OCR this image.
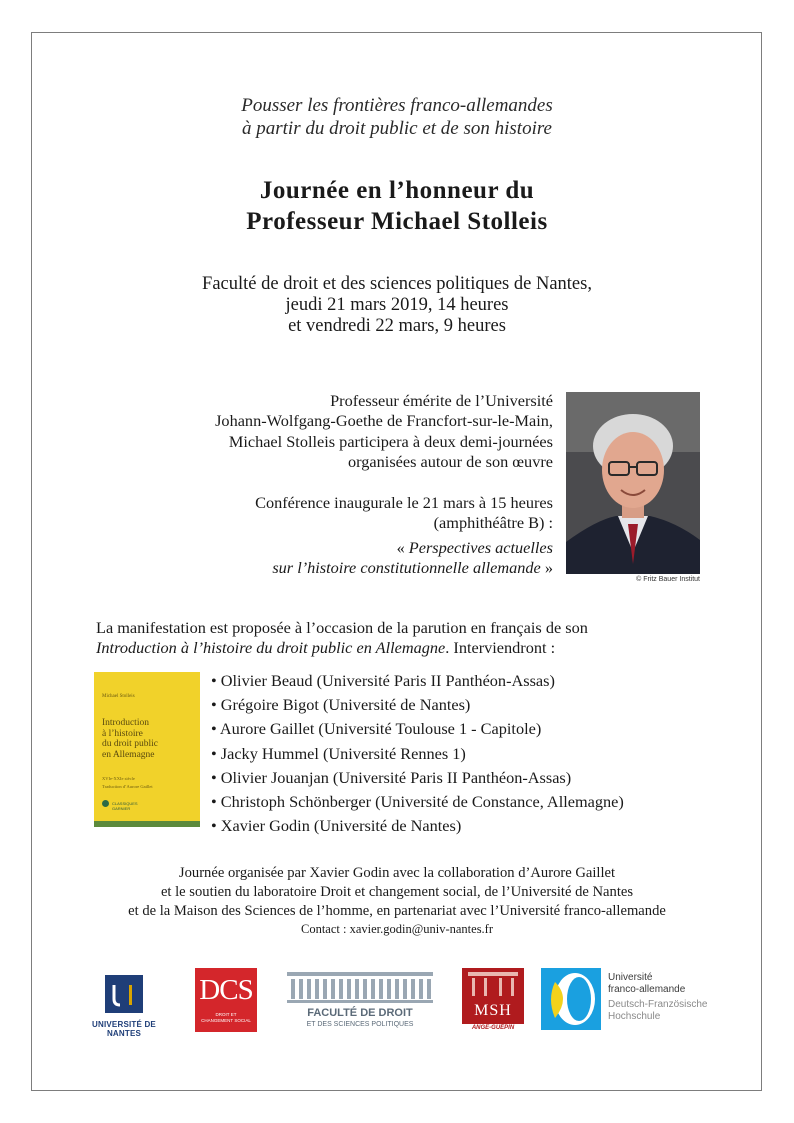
Pousser les frontières franco-allemandes
à partir du droit public et de son histoire
Journée en l’honneur du
Professeur Michael Stolleis
Faculté de droit et des sciences politiques de Nantes,
jeudi 21 mars 2019, 14 heures
et vendredi 22 mars, 9 heures
Professeur émérite de l’Université
Johann-Wolfgang-Goethe de Francfort-sur-le-Main,
Michael Stolleis participera à deux demi-journées
organisées autour de son œuvre
Conférence inaugurale le 21 mars à 15 heures
(amphithéâtre B) :
« Perspectives actuelles
sur l’histoire constitutionnelle allemande »
© Fritz Bauer Institut
La manifestation est proposée à l’occasion de la parution en français de son
Introduction à l’histoire du droit public en Allemagne. Interviendront :
Michael Stolleis
Introduction
à l’histoire
du droit public
en Allemagne
XVIe-XXIe siècle
Traduction d’Aurore Gaillet
CLASSIQUES
GARNIER
• Olivier Beaud (Université Paris II Panthéon-Assas)
• Grégoire Bigot (Université de Nantes)
• Aurore Gaillet (Université Toulouse 1 - Capitole)
• Jacky Hummel (Université Rennes 1)
• Olivier Jouanjan (Université Paris II Panthéon-Assas)
• Christoph Schönberger (Université de Constance, Allemagne)
• Xavier Godin (Université de Nantes)
Journée organisée par Xavier Godin avec la collaboration d’Aurore Gaillet
et le soutien du laboratoire Droit et changement social, de l’Université de Nantes
et de la Maison des Sciences de l’homme, en partenariat avec l’Université franco-allemande
Contact : xavier.godin@univ-nantes.fr
UNIVERSITÉ DE NANTES
DCS
DROIT ET
CHANGEMENT SOCIAL
FACULTÉ DE DROIT
ET DES SCIENCES POLITIQUES
MSH
ANGE-GUÉPIN
Université
franco-allemande
Deutsch-Französische
Hochschule
